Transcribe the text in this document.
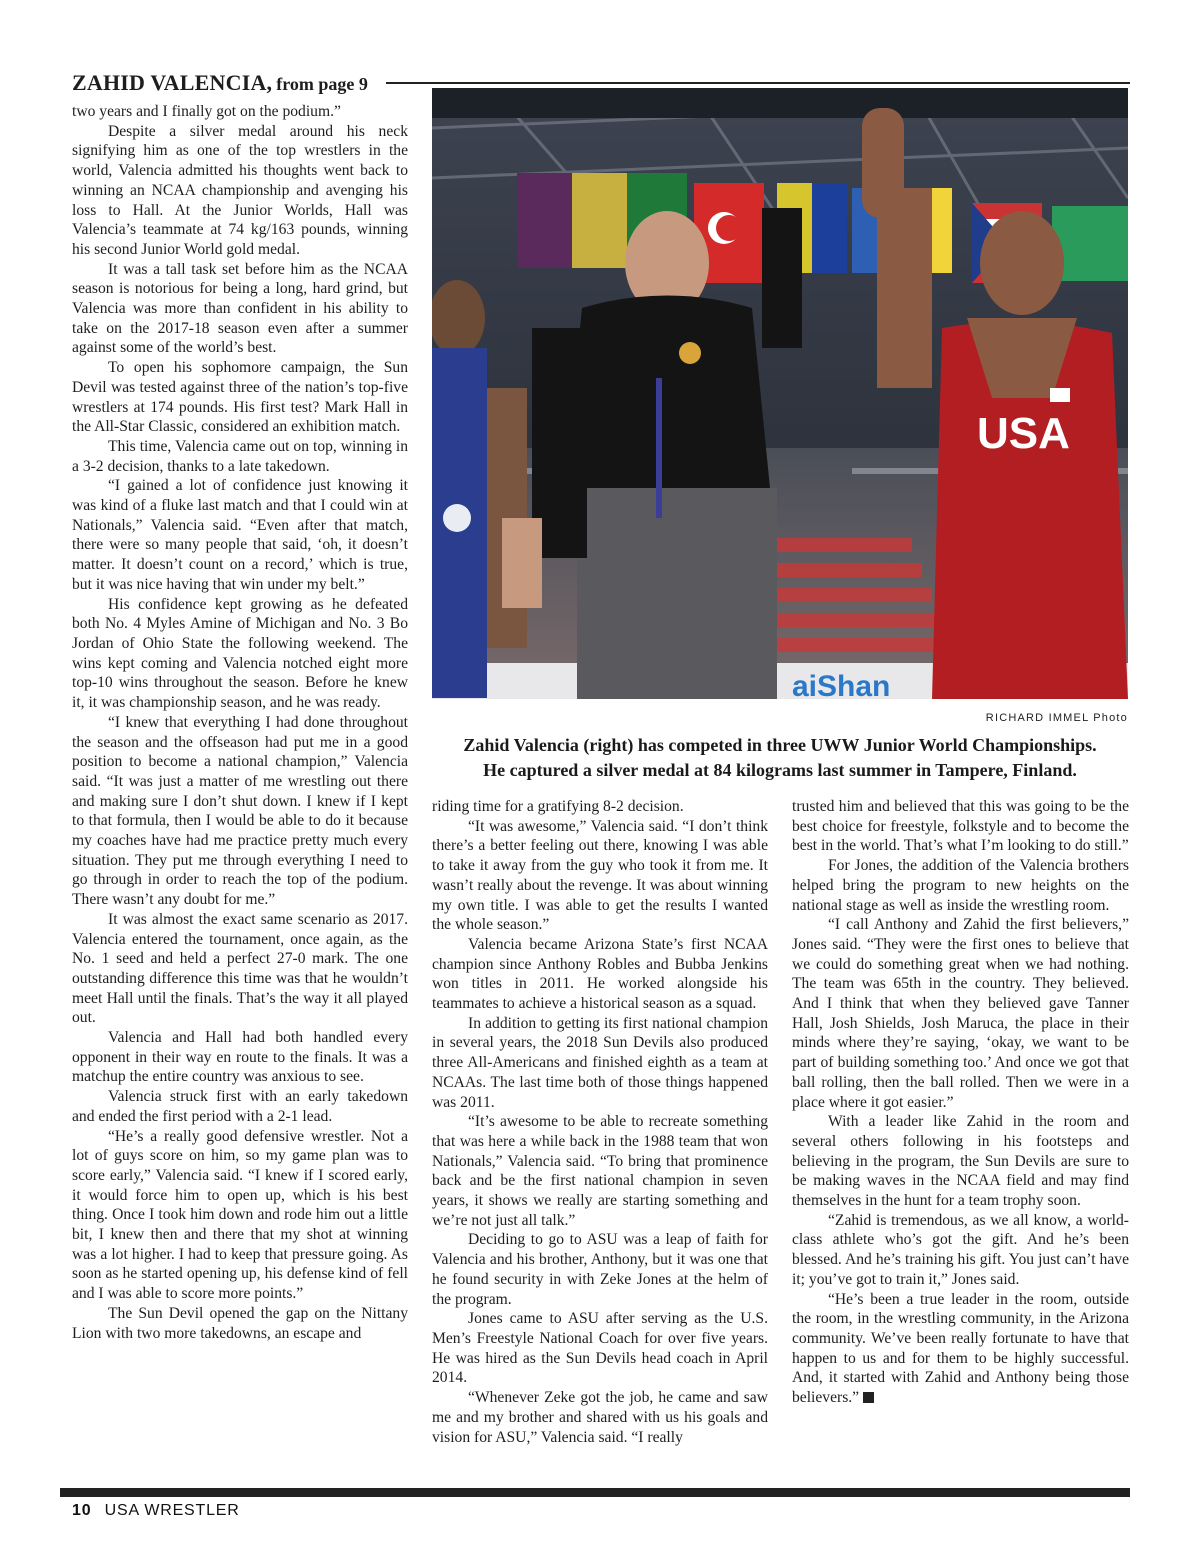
ZAHID VALENCIA, from page 9

two years and I finally got on the podium.”

Despite a silver medal around his neck signifying him as one of the top wrestlers in the world, Valencia admitted his thoughts went back to winning an NCAA championship and avenging his loss to Hall. At the Junior Worlds, Hall was Valencia’s teammate at 74 kg/163 pounds, winning his second Junior World gold medal.

It was a tall task set before him as the NCAA season is notorious for being a long, hard grind, but Valencia was more than confident in his ability to take on the 2017-18 season even after a summer against some of the world’s best.

To open his sophomore campaign, the Sun Devil was tested against three of the nation’s top-five wrestlers at 174 pounds. His first test? Mark Hall in the All-Star Classic, considered an exhibition match.

This time, Valencia came out on top, winning in a 3-2 decision, thanks to a late takedown.

“I gained a lot of confidence just knowing it was kind of a fluke last match and that I could win at Nationals,” Valencia said. “Even after that match, there were so many people that said, ‘oh, it doesn’t matter. It doesn’t count on a record,’ which is true, but it was nice having that win under my belt.”

His confidence kept growing as he defeated both No. 4 Myles Amine of Michigan and No. 3 Bo Jordan of Ohio State the following weekend. The wins kept coming and Valencia notched eight more top-10 wins throughout the season. Before he knew it, it was championship season, and he was ready.

“I knew that everything I had done throughout the season and the offseason had put me in a good position to become a national champion,” Valencia said. “It was just a matter of me wrestling out there and making sure I don’t shut down. I knew if I kept to that formula, then I would be able to do it because my coaches have had me practice pretty much every situation. They put me through everything I need to go through in order to reach the top of the podium. There wasn’t any doubt for me.”

It was almost the exact same scenario as 2017. Valencia entered the tournament, once again, as the No. 1 seed and held a perfect 27-0 mark. The one outstanding difference this time was that he wouldn’t meet Hall until the finals. That’s the way it all played out.

Valencia and Hall had both handled every opponent in their way en route to the finals. It was a matchup the entire country was anxious to see.

Valencia struck first with an early takedown and ended the first period with a 2-1 lead.

“He’s a really good defensive wrestler. Not a lot of guys score on him, so my game plan was to score early,” Valencia said. “I knew if I scored early, it would force him to open up, which is his best thing. Once I took him down and rode him out a little bit, I knew then and there that my shot at winning was a lot higher. I had to keep that pressure going. As soon as he started opening up, his defense kind of fell and I was able to score more points.”

The Sun Devil opened the gap on the Nittany Lion with two more takedowns, an escape and

aiShan
USA
RICHARD IMMEL Photo
Zahid Valencia (right) has competed in three UWW Junior World Championships.
He captured a silver medal at 84 kilograms last summer in Tampere, Finland.

riding time for a gratifying 8-2 decision.

“It was awesome,” Valencia said. “I don’t think there’s a better feeling out there, knowing I was able to take it away from the guy who took it from me. It wasn’t really about the revenge. It was about winning my own title. I was able to get the results I wanted the whole season.”

Valencia became Arizona State’s first NCAA champion since Anthony Robles and Bubba Jenkins won titles in 2011. He worked alongside his teammates to achieve a historical season as a squad.

In addition to getting its first national champion in several years, the 2018 Sun Devils also produced three All-Americans and finished eighth as a team at NCAAs. The last time both of those things happened was 2011.

“It’s awesome to be able to recreate something that was here a while back in the 1988 team that won Nationals,” Valencia said. “To bring that prominence back and be the first national champion in seven years, it shows we really are starting something and we’re not just all talk.”

Deciding to go to ASU was a leap of faith for Valencia and his brother, Anthony, but it was one that he found security in with Zeke Jones at the helm of the program.

Jones came to ASU after serving as the U.S. Men’s Freestyle National Coach for over five years. He was hired as the Sun Devils head coach in April 2014.

“Whenever Zeke got the job, he came and saw me and my brother and shared with us his goals and vision for ASU,” Valencia said. “I really

trusted him and believed that this was going to be the best choice for freestyle, folkstyle and to become the best in the world. That’s what I’m looking to do still.”

For Jones, the addition of the Valencia brothers helped bring the program to new heights on the national stage as well as inside the wrestling room.

“I call Anthony and Zahid the first believers,” Jones said. “They were the first ones to believe that we could do something great when we had nothing. The team was 65th in the country. They believed. And I think that when they believed gave Tanner Hall, Josh Shields, Josh Maruca, the place in their minds where they’re saying, ‘okay, we want to be part of building something too.’ And once we got that ball rolling, then the ball rolled. Then we were in a place where it got easier.”

With a leader like Zahid in the room and several others following in his footsteps and believing in the program, the Sun Devils are sure to be making waves in the NCAA field and may find themselves in the hunt for a team trophy soon.

“Zahid is tremendous, as we all know, a world-class athlete who’s got the gift. And he’s been blessed. And he’s training his gift. You just can’t have it; you’ve got to train it,” Jones said.

“He’s been a true leader in the room, outside the room, in the wrestling community, in the Arizona community. We’ve been really fortunate to have that happen to us and for them to be highly successful. And, it started with Zahid and Anthony being those believers.”

10 USA WRESTLER
